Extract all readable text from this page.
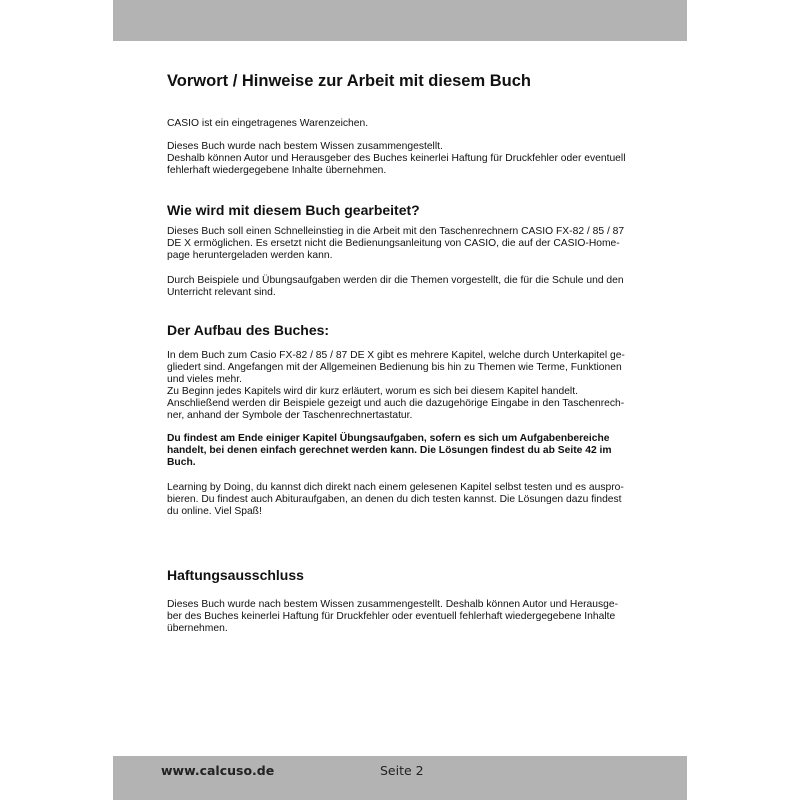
Vorwort / Hinweise zur Arbeit mit diesem Buch
CASIO ist ein eingetragenes Warenzeichen.
Dieses Buch wurde nach bestem Wissen zusammengestellt.
Deshalb können Autor und Herausgeber des Buches keinerlei Haftung für Druckfehler oder eventuell
fehlerhaft wiedergegebene Inhalte übernehmen.
Wie wird mit diesem Buch gearbeitet?
Dieses Buch soll einen Schnelleinstieg in die Arbeit mit den Taschenrechnern CASIO FX-82 / 85 / 87
DE X ermöglichen. Es ersetzt nicht die Bedienungsanleitung von CASIO, die auf der CASIO-Home-
page heruntergeladen werden kann.
Durch Beispiele und Übungsaufgaben werden dir die Themen vorgestellt, die für die Schule und den
Unterricht relevant sind.
Der Aufbau des Buches:
In dem Buch zum Casio FX-82 / 85 / 87 DE X gibt es mehrere Kapitel, welche durch Unterkapitel ge-
gliedert sind. Angefangen mit der Allgemeinen Bedienung bis hin zu Themen wie Terme, Funktionen
und vieles mehr.
Zu Beginn jedes Kapitels wird dir kurz erläutert, worum es sich bei diesem Kapitel handelt.
Anschließend werden dir Beispiele gezeigt und auch die dazugehörige Eingabe in den Taschenrech-
ner, anhand der Symbole der Taschenrechnertastatur.
Du findest am Ende einiger Kapitel Übungsaufgaben, sofern es sich um Aufgabenbereiche
handelt, bei denen einfach gerechnet werden kann. Die Lösungen findest du ab Seite 42 im
Buch.
Learning by Doing, du kannst dich direkt nach einem gelesenen Kapitel selbst testen und es auspro-
bieren. Du findest auch Abituraufgaben, an denen du dich testen kannst. Die Lösungen dazu findest
du online. Viel Spaß!
Haftungsausschluss
Dieses Buch wurde nach bestem Wissen zusammengestellt. Deshalb können Autor und Herausge-
ber des Buches keinerlei Haftung für Druckfehler oder eventuell fehlerhaft wiedergegebene Inhalte
übernehmen.
www.calcuso.de	Seite 2
